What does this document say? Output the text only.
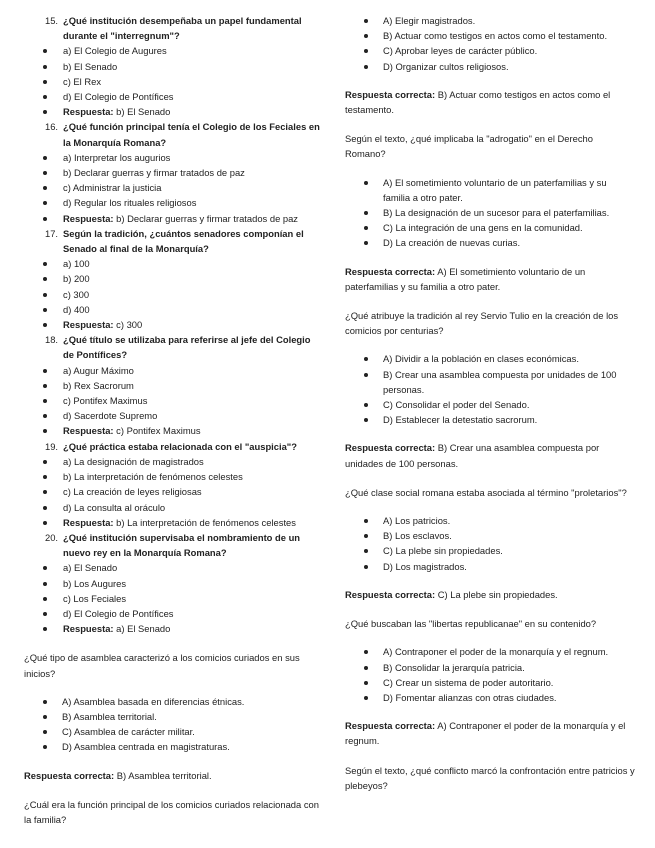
15. ¿Qué institución desempeñaba un papel fundamental durante el "interregnum"?
a) El Colegio de Augures
b) El Senado
c) El Rex
d) El Colegio de Pontífices
Respuesta: b) El Senado
16. ¿Qué función principal tenía el Colegio de los Feciales en la Monarquía Romana?
a) Interpretar los augurios
b) Declarar guerras y firmar tratados de paz
c) Administrar la justicia
d) Regular los rituales religiosos
Respuesta: b) Declarar guerras y firmar tratados de paz
17. Según la tradición, ¿cuántos senadores componían el Senado al final de la Monarquía?
a) 100
b) 200
c) 300
d) 400
Respuesta: c) 300
18. ¿Qué título se utilizaba para referirse al jefe del Colegio de Pontífices?
a) Augur Máximo
b) Rex Sacrorum
c) Pontifex Maximus
d) Sacerdote Supremo
Respuesta: c) Pontifex Maximus
19. ¿Qué práctica estaba relacionada con el "auspicia"?
a) La designación de magistrados
b) La interpretación de fenómenos celestes
c) La creación de leyes religiosas
d) La consulta al oráculo
Respuesta: b) La interpretación de fenómenos celestes
20. ¿Qué institución supervisaba el nombramiento de un nuevo rey en la Monarquía Romana?
a) El Senado
b) Los Augures
c) Los Feciales
d) El Colegio de Pontífices
Respuesta: a) El Senado

¿Qué tipo de asamblea caracterizó a los comicios curiados en sus inicios?

A) Asamblea basada en diferencias étnicas.
B) Asamblea territorial.
C) Asamblea de carácter militar.
D) Asamblea centrada en magistraturas.

Respuesta correcta: B) Asamblea territorial.

¿Cuál era la función principal de los comicios curiados relacionada con la familia?

A) Elegir magistrados.
B) Actuar como testigos en actos como el testamento.
C) Aprobar leyes de carácter público.
D) Organizar cultos religiosos.

Respuesta correcta: B) Actuar como testigos en actos como el testamento.

Según el texto, ¿qué implicaba la "adrogatio" en el Derecho Romano?

A) El sometimiento voluntario de un paterfamilias y su familia a otro pater.
B) La designación de un sucesor para el paterfamilias.
C) La integración de una gens en la comunidad.
D) La creación de nuevas curias.

Respuesta correcta: A) El sometimiento voluntario de un paterfamilias y su familia a otro pater.

¿Qué atribuye la tradición al rey Servio Tulio en la creación de los comicios por centurias?

A) Dividir a la población en clases económicas.
B) Crear una asamblea compuesta por unidades de 100 personas.
C) Consolidar el poder del Senado.
D) Establecer la detestatio sacrorum.

Respuesta correcta: B) Crear una asamblea compuesta por unidades de 100 personas.

¿Qué clase social romana estaba asociada al término "proletarios"?

A) Los patricios.
B) Los esclavos.
C) La plebe sin propiedades.
D) Los magistrados.

Respuesta correcta: C) La plebe sin propiedades.

¿Qué buscaban las "libertas republicanae" en su contenido?

A) Contraponer el poder de la monarquía y el regnum.
B) Consolidar la jerarquía patricia.
C) Crear un sistema de poder autoritario.
D) Fomentar alianzas con otras ciudades.

Respuesta correcta: A) Contraponer el poder de la monarquía y el regnum.

Según el texto, ¿qué conflicto marcó la confrontación entre patricios y plebeyos?
